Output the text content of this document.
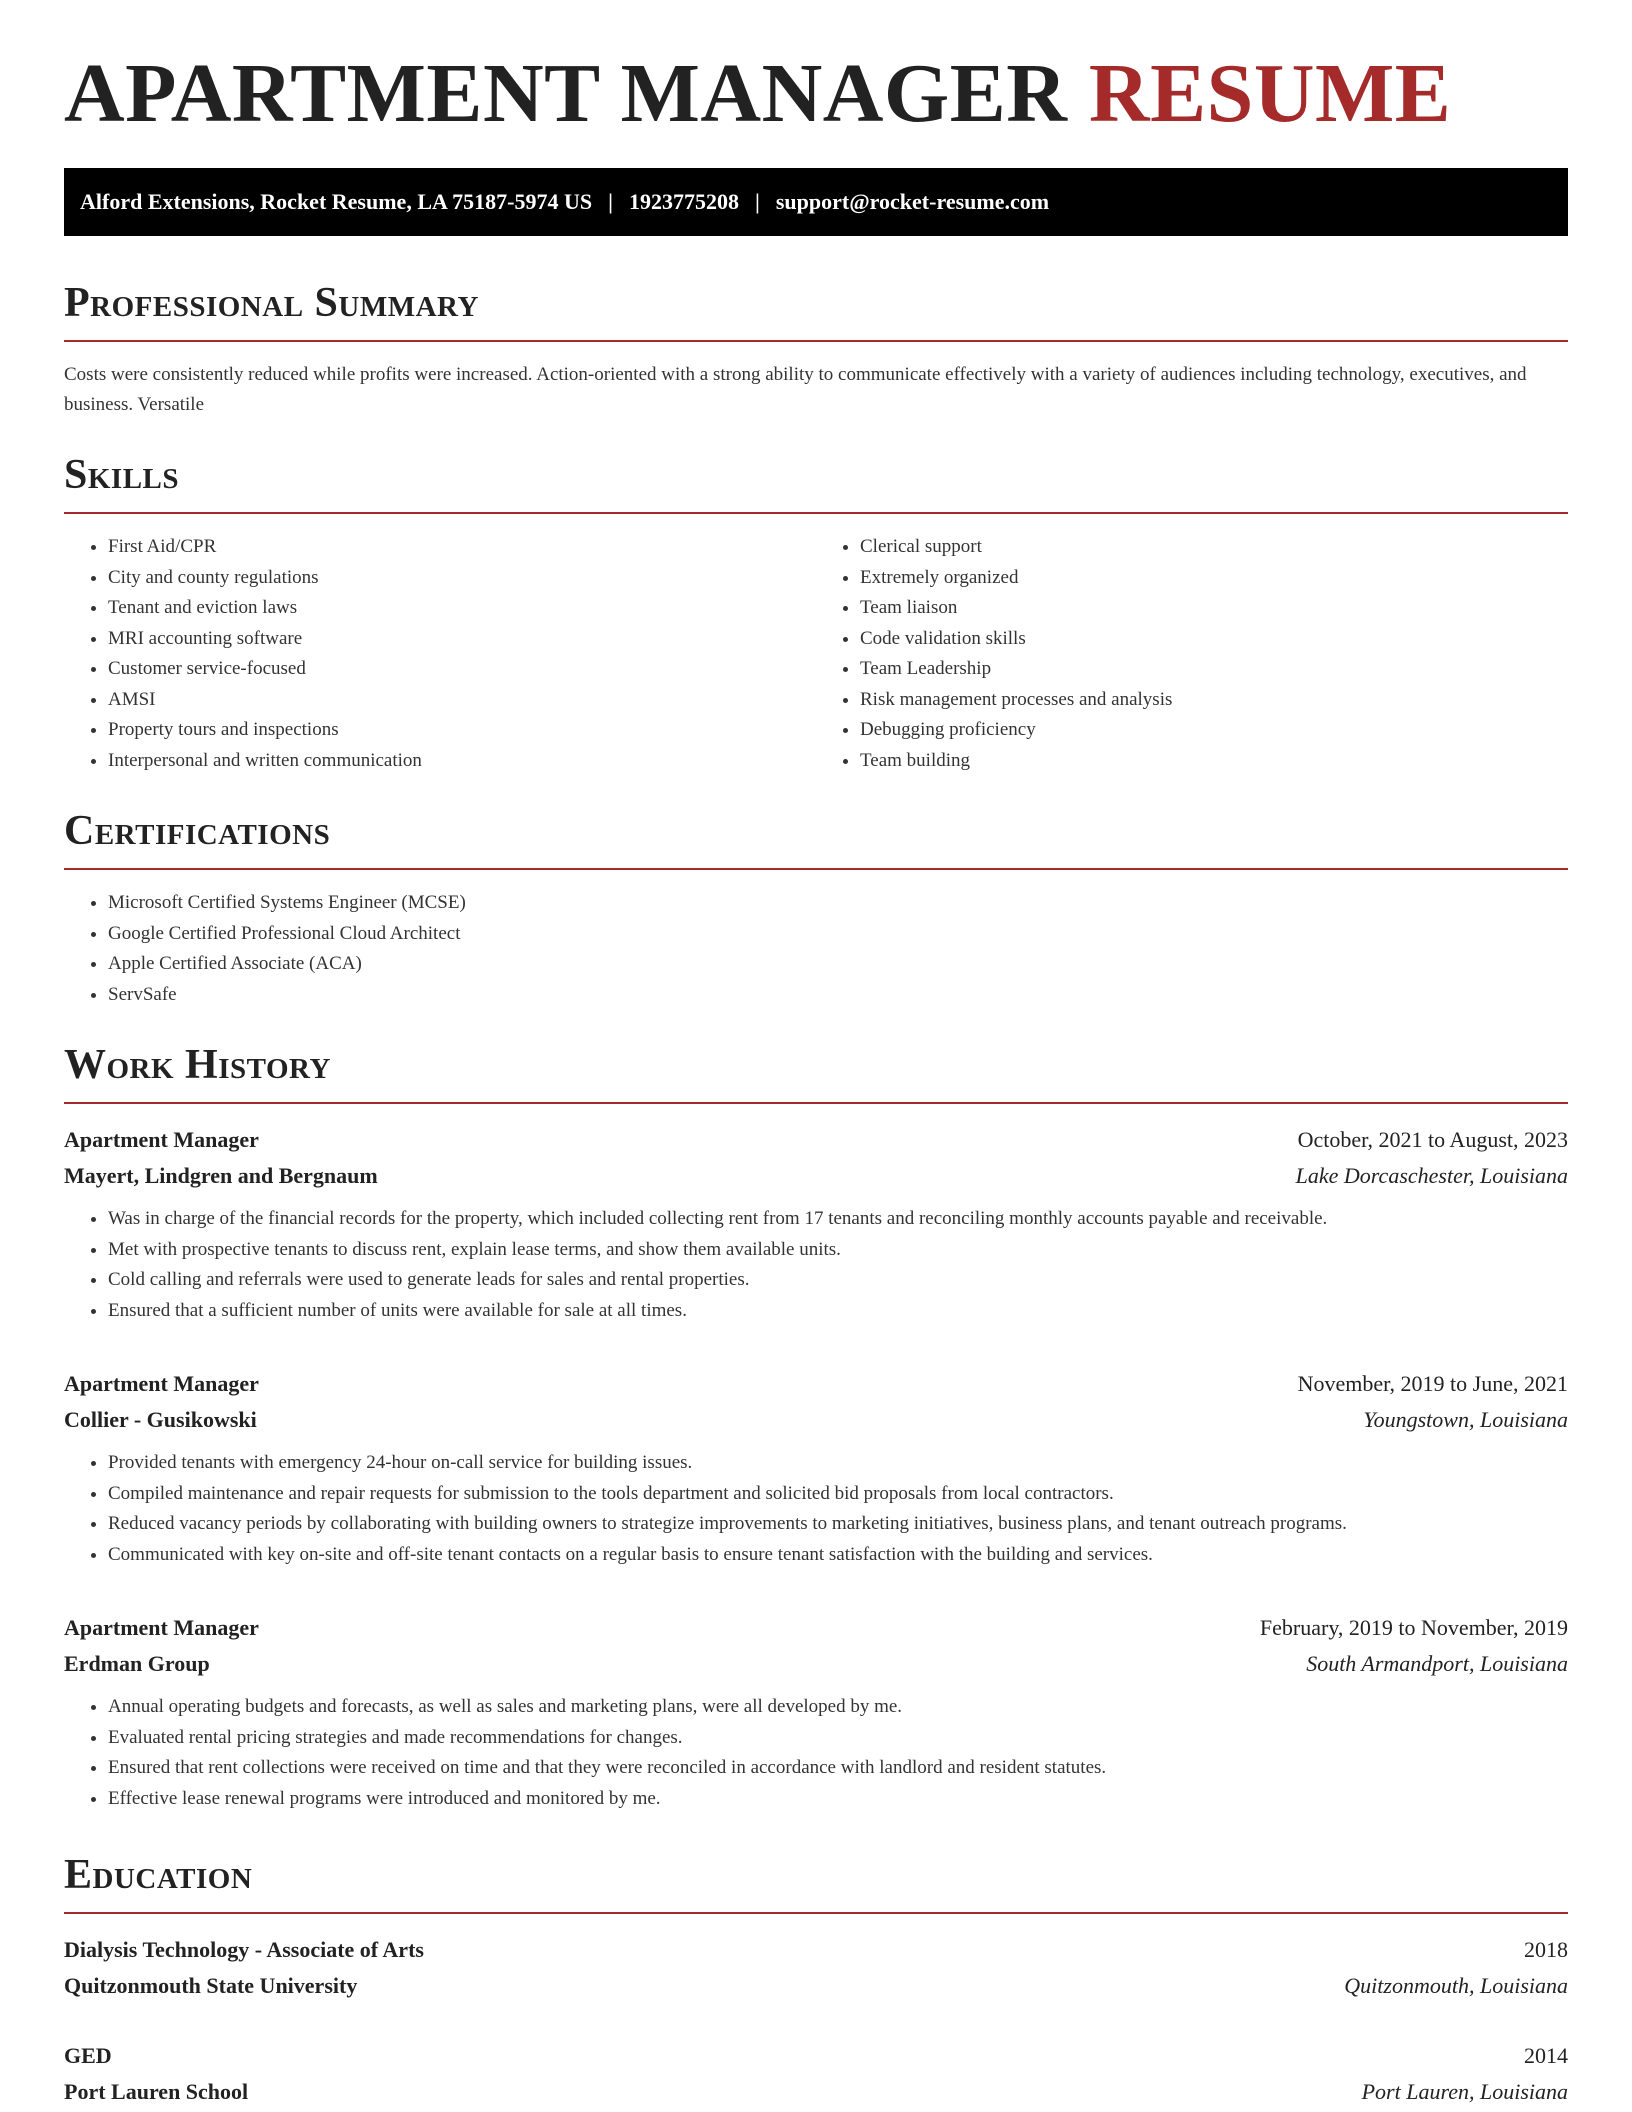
APARTMENT MANAGER RESUME
Alford Extensions, Rocket Resume, LA 75187-5974 US | 1923775208 | support@rocket-resume.com
Professional Summary

Costs were consistently reduced while profits were increased. Action-oriented with a strong ability to communicate effectively with a variety of audiences including technology, executives, and business. Versatile

Skills
• First Aid/CPR
• City and county regulations
• Tenant and eviction laws
• MRI accounting software
• Customer service-focused
• AMSI
• Property tours and inspections
• Interpersonal and written communication
• Clerical support
• Extremely organized
• Team liaison
• Code validation skills
• Team Leadership
• Risk management processes and analysis
• Debugging proficiency
• Team building
Certifications
• Microsoft Certified Systems Engineer (MCSE)
• Google Certified Professional Cloud Architect
• Apple Certified Associate (ACA)
• ServSafe
Work History
Apartment Manager	October, 2021 to August, 2023
Mayert, Lindgren and Bergnaum	Lake Dorcaschester, Louisiana
• Was in charge of the financial records for the property, which included collecting rent from 17 tenants and reconciling monthly accounts payable and receivable.
• Met with prospective tenants to discuss rent, explain lease terms, and show them available units.
• Cold calling and referrals were used to generate leads for sales and rental properties.
• Ensured that a sufficient number of units were available for sale at all times.
Apartment Manager	November, 2019 to June, 2021
Collier - Gusikowski	Youngstown, Louisiana
• Provided tenants with emergency 24-hour on-call service for building issues.
• Compiled maintenance and repair requests for submission to the tools department and solicited bid proposals from local contractors.
• Reduced vacancy periods by collaborating with building owners to strategize improvements to marketing initiatives, business plans, and tenant outreach programs.
• Communicated with key on-site and off-site tenant contacts on a regular basis to ensure tenant satisfaction with the building and services.
Apartment Manager	February, 2019 to November, 2019
Erdman Group	South Armandport, Louisiana
• Annual operating budgets and forecasts, as well as sales and marketing plans, were all developed by me.
• Evaluated rental pricing strategies and made recommendations for changes.
• Ensured that rent collections were received on time and that they were reconciled in accordance with landlord and resident statutes.
• Effective lease renewal programs were introduced and monitored by me.
Education
Dialysis Technology - Associate of Arts	2018
Quitzonmouth State University	Quitzonmouth, Louisiana
GED	2014
Port Lauren School	Port Lauren, Louisiana
